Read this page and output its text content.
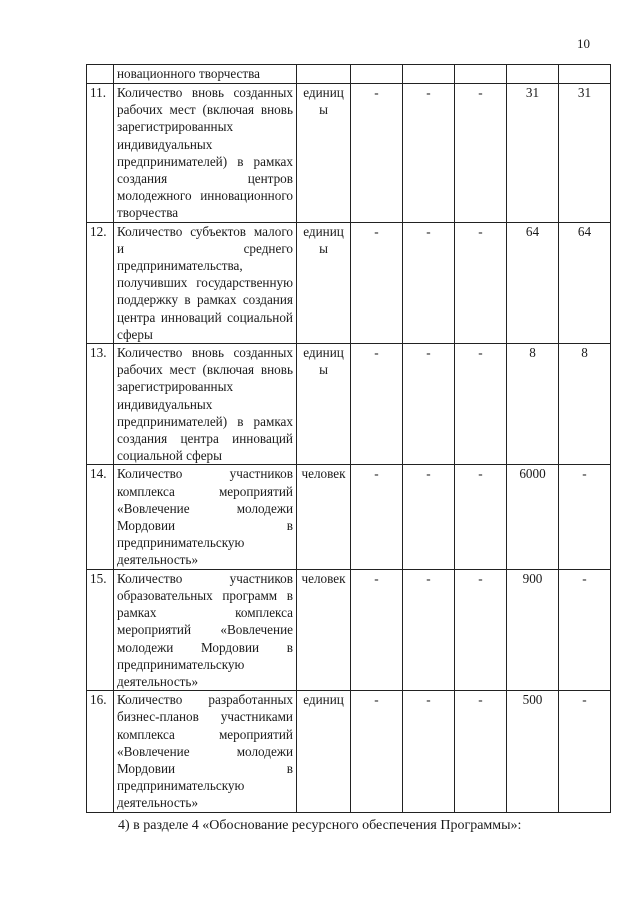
10
	новационного творчества						
11.	Количество вновь созданных рабочих мест (включая вновь зарегистрированных индивидуальных предпринимателей) в рамках создания центров молодежного инновационного творчества	единицы	-	-	-	31	31
12.	Количество субъектов малого и среднего предпринимательства, получивших государственную поддержку в рамках создания центра инноваций социальной сферы	единицы	-	-	-	64	64
13.	Количество вновь созданных рабочих мест (включая вновь зарегистрированных индивидуальных предпринимателей) в рамках создания центра инноваций социальной сферы	единицы	-	-	-	8	8
14.	Количество участников комплекса мероприятий «Вовлечение молодежи Мордовии в предпринимательскую деятельность»	человек	-	-	-	6000	-
15.	Количество участников образовательных программ в рамках комплекса мероприятий «Вовлечение молодежи Мордовии в предпринимательскую деятельность»	человек	-	-	-	900	-
16.	Количество разработанных бизнес-планов участниками комплекса мероприятий «Вовлечение молодежи Мордовии в предпринимательскую деятельность»	единиц	-	-	-	500	-
4) в разделе 4 «Обоснование ресурсного обеспечения Программы»:
